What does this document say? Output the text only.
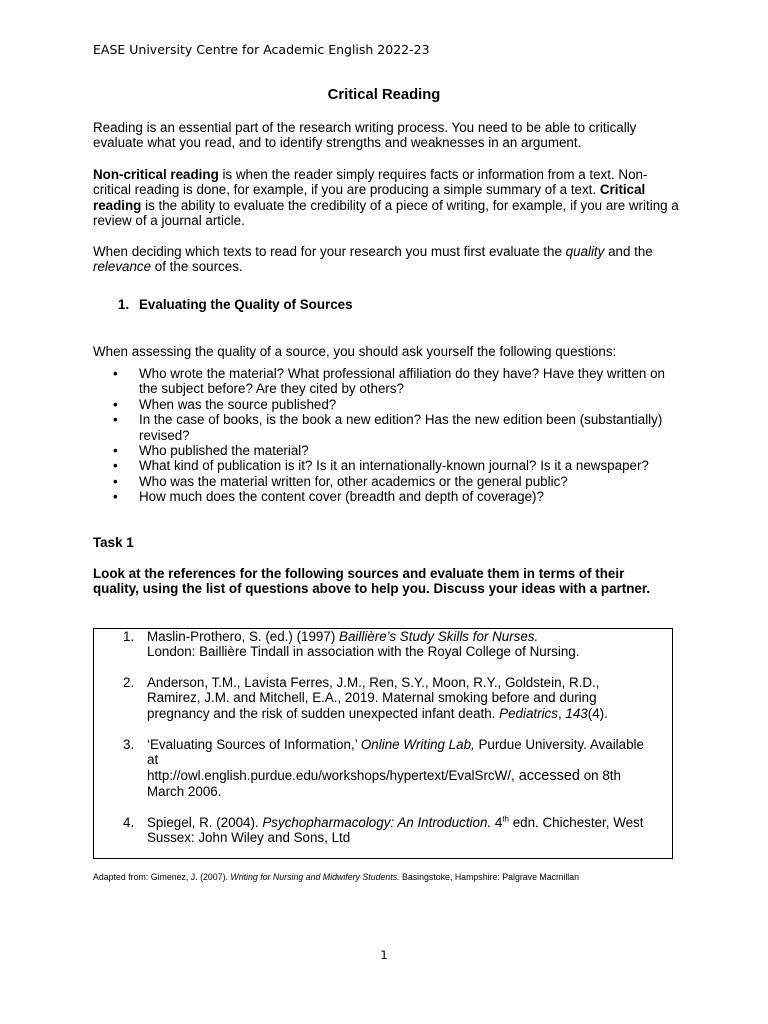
EASE University Centre for Academic English 2022-23
Critical Reading
Reading is an essential part of the research writing process. You need to be able to critically evaluate what you read, and to identify strengths and weaknesses in an argument.
Non-critical reading is when the reader simply requires facts or information from a text. Non-critical reading is done, for example, if you are producing a simple summary of a text. Critical reading is the ability to evaluate the credibility of a piece of writing, for example, if you are writing a review of a journal article.
When deciding which texts to read for your research you must first evaluate the quality and the relevance of the sources.
1. Evaluating the Quality of Sources
When assessing the quality of a source, you should ask yourself the following questions:
• Who wrote the material? What professional affiliation do they have? Have they written on the subject before? Are they cited by others?
• When was the source published?
• In the case of books, is the book a new edition? Has the new edition been (substantially) revised?
• Who published the material?
• What kind of publication is it? Is it an internationally-known journal? Is it a newspaper?
• Who was the material written for, other academics or the general public?
• How much does the content cover (breadth and depth of coverage)?
Task 1
Look at the references for the following sources and evaluate them in terms of their quality, using the list of questions above to help you. Discuss your ideas with a partner.
1. Maslin-Prothero, S. (ed.) (1997) Baillière’s Study Skills for Nurses.
London: Baillière Tindall in association with the Royal College of Nursing.
2. Anderson, T.M., Lavista Ferres, J.M., Ren, S.Y., Moon, R.Y., Goldstein, R.D., Ramirez, J.M. and Mitchell, E.A., 2019. Maternal smoking before and during pregnancy and the risk of sudden unexpected infant death. Pediatrics, 143(4).
3. ‘Evaluating Sources of Information,’ Online Writing Lab, Purdue University. Available at
http://owl.english.purdue.edu/workshops/hypertext/EvalSrcW/, accessed on 8th March 2006.
4. Spiegel, R. (2004). Psychopharmacology: An Introduction. 4th edn. Chichester, West
Sussex: John Wiley and Sons, Ltd
Adapted from: Gimenez, J. (2007). Writing for Nursing and Midwifery Students. Basingstoke, Hampshire: Palgrave Macmillan
1
